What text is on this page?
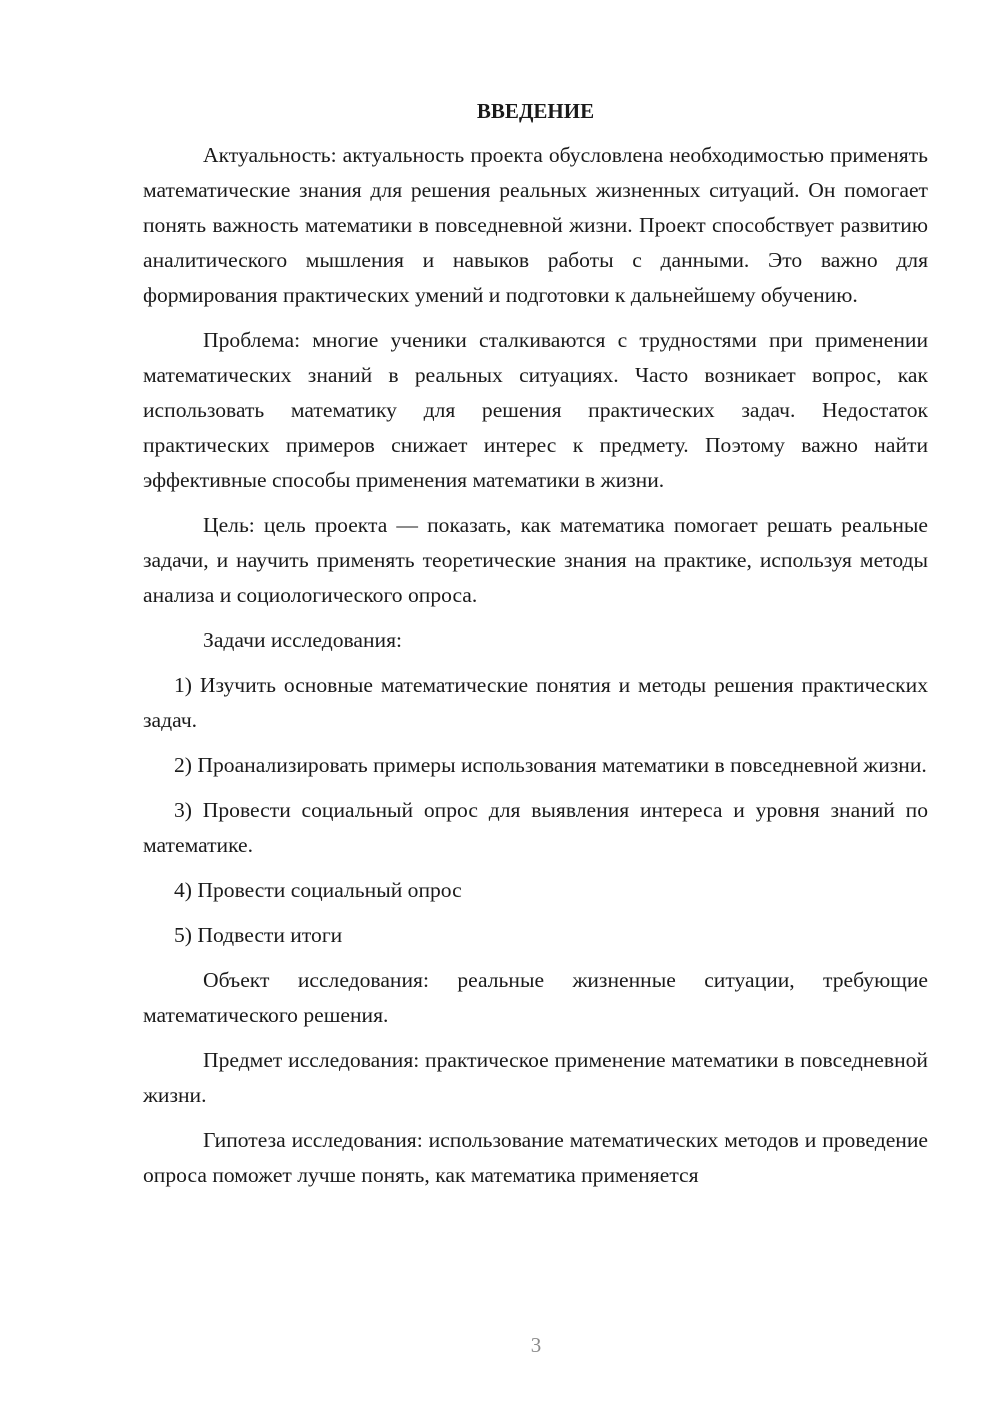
ВВЕДЕНИЕ

Актуальность: актуальность проекта обусловлена необходимостью применять математические знания для решения реальных жизненных ситуаций. Он помогает понять важность математики в повседневной жизни. Проект способствует развитию аналитического мышления и навыков работы с данными. Это важно для формирования практических умений и подготовки к дальнейшему обучению.

Проблема: многие ученики сталкиваются с трудностями при применении математических знаний в реальных ситуациях. Часто возникает вопрос, как использовать математику для решения практических задач. Недостаток практических примеров снижает интерес к предмету. Поэтому важно найти эффективные способы применения математики в жизни.

Цель: цель проекта — показать, как математика помогает решать реальные задачи, и научить применять теоретические знания на практике, используя методы анализа и социологического опроса.

Задачи исследования:

1) Изучить основные математические понятия и методы решения практических задач.

2) Проанализировать примеры использования математики в повседневной жизни.

3) Провести социальный опрос для выявления интереса и уровня знаний по математике.

4) Провести социальный опрос

5) Подвести итоги

Объект исследования: реальные жизненные ситуации, требующие математического решения.

Предмет исследования: практическое применение математики в повседневной жизни.

Гипотеза исследования: использование математических методов и проведение опроса поможет лучше понять, как математика применяется

3
